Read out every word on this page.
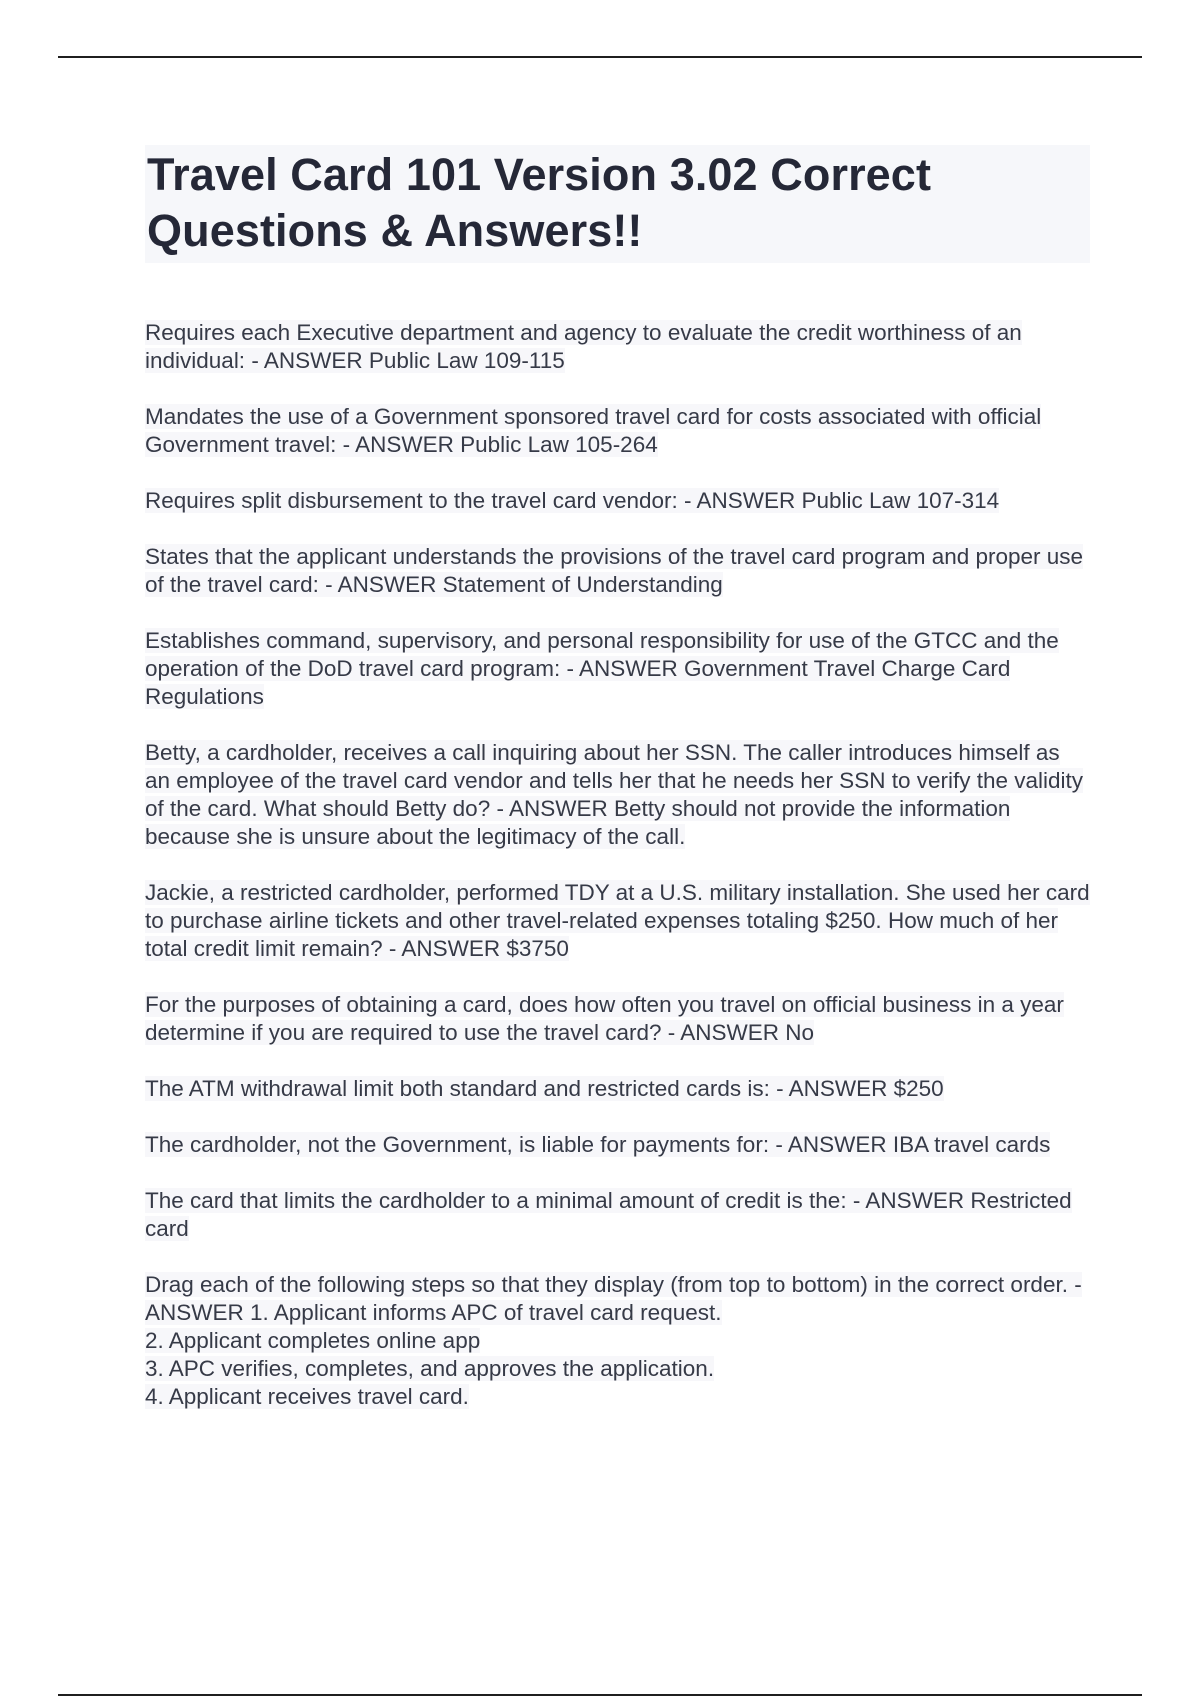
Travel Card 101 Version 3.02 Correct Questions & Answers!!

Requires each Executive department and agency to evaluate the credit worthiness of an individual: - ANSWER Public Law 109-115

Mandates the use of a Government sponsored travel card for costs associated with official Government travel: - ANSWER Public Law 105-264

Requires split disbursement to the travel card vendor: - ANSWER Public Law 107-314

States that the applicant understands the provisions of the travel card program and proper use of the travel card: - ANSWER Statement of Understanding

Establishes command, supervisory, and personal responsibility for use of the GTCC and the operation of the DoD travel card program: - ANSWER Government Travel Charge Card Regulations

Betty, a cardholder, receives a call inquiring about her SSN. The caller introduces himself as an employee of the travel card vendor and tells her that he needs her SSN to verify the validity of the card. What should Betty do? - ANSWER Betty should not provide the information because she is unsure about the legitimacy of the call.

Jackie, a restricted cardholder, performed TDY at a U.S. military installation. She used her card to purchase airline tickets and other travel-related expenses totaling $250. How much of her total credit limit remain? - ANSWER $3750

For the purposes of obtaining a card, does how often you travel on official business in a year determine if you are required to use the travel card? - ANSWER No

The ATM withdrawal limit both standard and restricted cards is: - ANSWER $250

The cardholder, not the Government, is liable for payments for: - ANSWER IBA travel cards

The card that limits the cardholder to a minimal amount of credit is the: - ANSWER Restricted card

Drag each of the following steps so that they display (from top to bottom) in the correct order. - ANSWER 1. Applicant informs APC of travel card request.
2. Applicant completes online app
3. APC verifies, completes, and approves the application.
4. Applicant receives travel card.
